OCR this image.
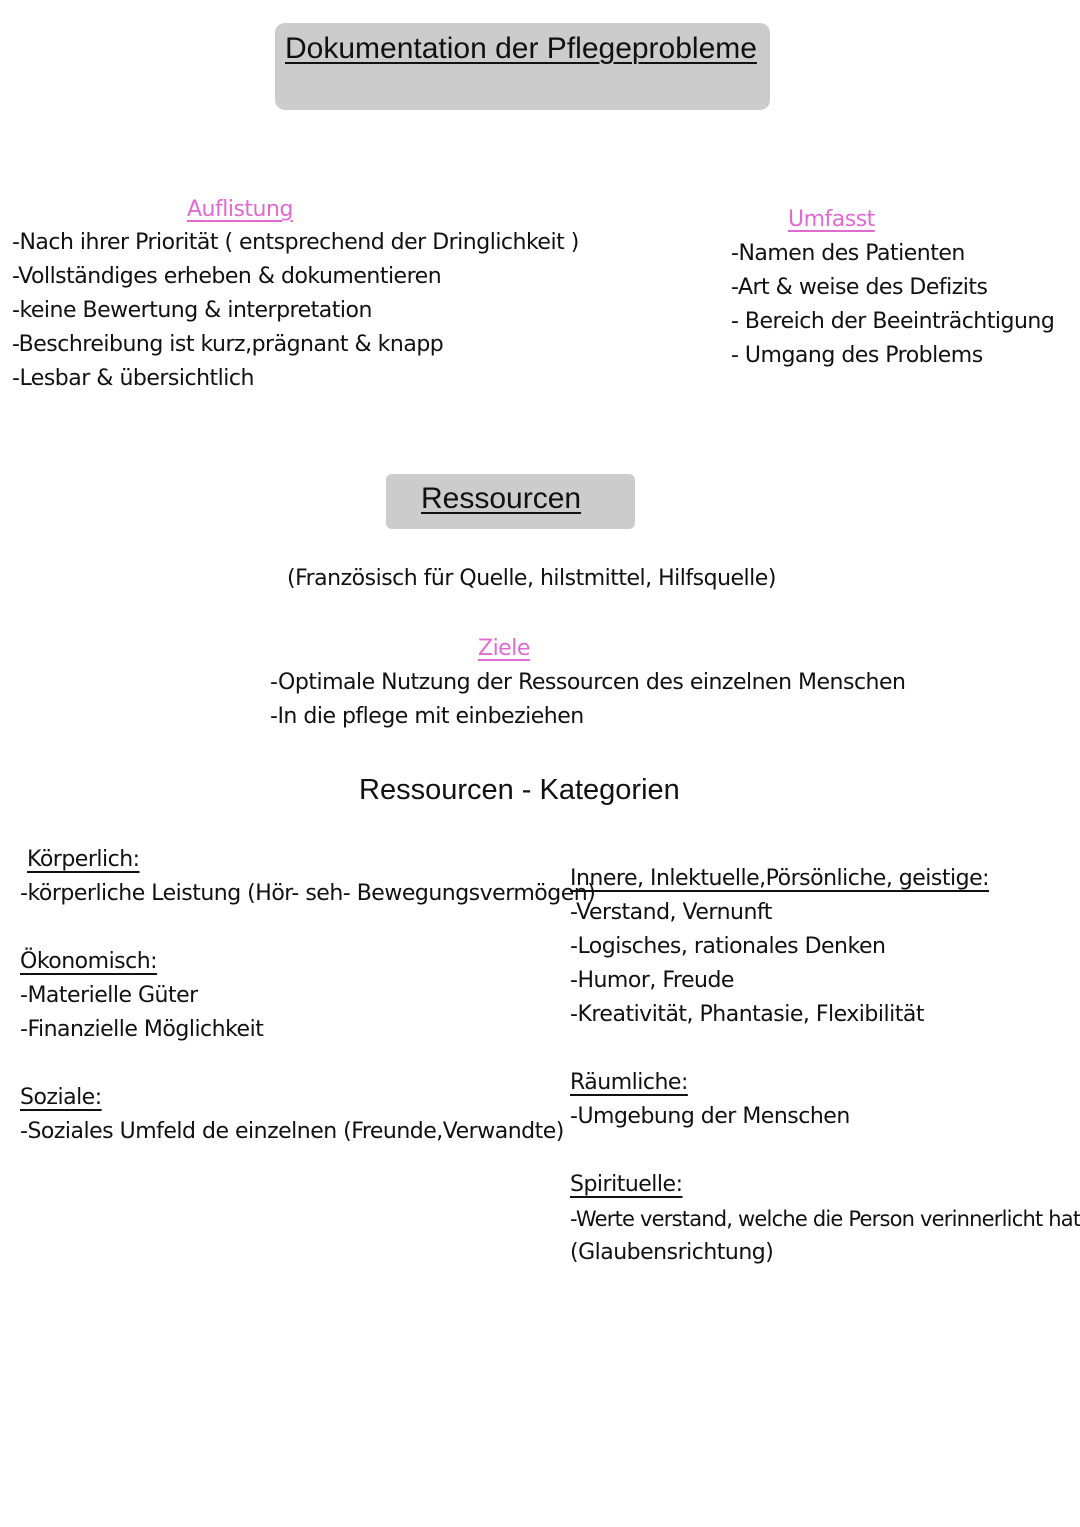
Dokumentation der Pflegeprobleme
Auflistung
-Nach ihrer Priorität ( entsprechend der Dringlichkeit )
-Vollständiges erheben & dokumentieren
-keine Bewertung & interpretation
-Beschreibung ist kurz,prägnant & knapp
-Lesbar & übersichtlich
Umfasst
-Namen des Patienten
-Art & weise des Defizits
- Bereich der Beeinträchtigung
- Umgang des Problems
Ressourcen
(Französisch für Quelle, hilstmittel, Hilfsquelle)
Ziele
-Optimale Nutzung der Ressourcen des einzelnen Menschen
-In die pflege mit einbeziehen
Ressourcen - Kategorien
Körperlich:
-körperliche Leistung (Hör- seh- Bewegungsvermögen)
Ökonomisch:
-Materielle Güter
-Finanzielle Möglichkeit
Soziale:
-Soziales Umfeld de einzelnen (Freunde,Verwandte)
Innere, Inlektuelle,Pörsönliche, geistige:
-Verstand, Vernunft
-Logisches, rationales Denken
-Humor, Freude
-Kreativität, Phantasie, Flexibilität
Räumliche:
-Umgebung der Menschen
Spirituelle:
-Werte verstand, welche die Person verinnerlicht hat
(Glaubensrichtung)
